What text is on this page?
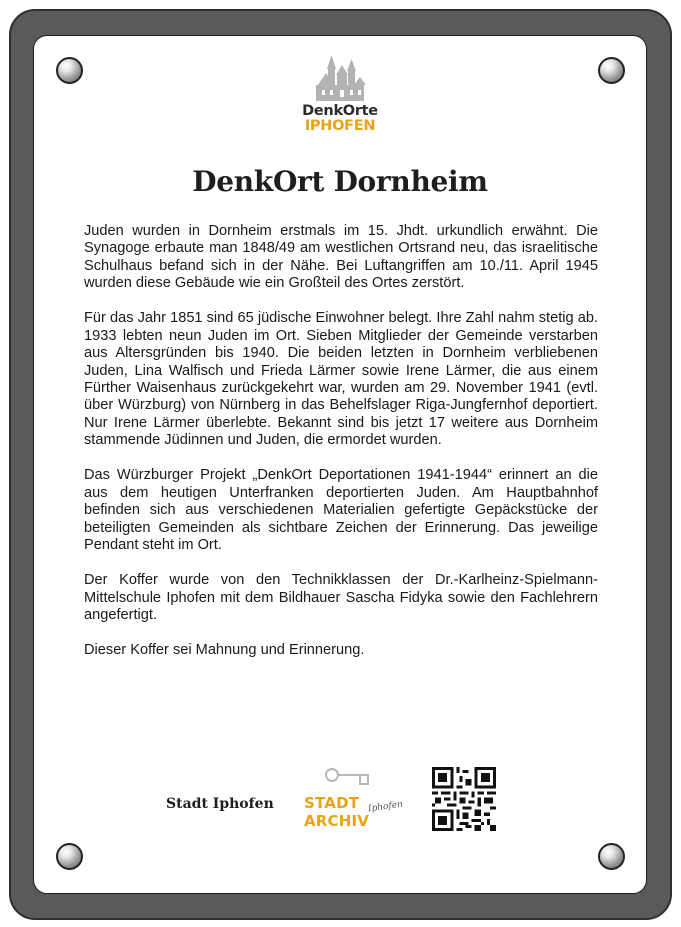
DenkOrte
IPHOFEN
DenkOrt Dornheim

Juden wurden in Dornheim erstmals im 15. Jhdt. urkundlich erwähnt. Die Synagoge erbaute man 1848/49 am westlichen Ortsrand neu, das israelitische Schulhaus befand sich in der Nähe. Bei Luftangriffen am 10./11. April 1945 wurden diese Gebäude wie ein Großteil des Ortes zerstört.

Für das Jahr 1851 sind 65 jüdische Einwohner belegt. Ihre Zahl nahm stetig ab. 1933 lebten neun Juden im Ort. Sieben Mitglieder der Gemeinde verstarben aus Altersgründen bis 1940. Die beiden letzten in Dornheim verbliebenen Juden, Lina Walfisch und Frieda Lärmer sowie Irene Lärmer, die aus einem Fürther Waisenhaus zurückgekehrt war, wurden am 29. November 1941 (evtl. über Würzburg) von Nürnberg in das Behelfslager Riga-Jungfernhof deportiert. Nur Irene Lärmer überlebte. Bekannt sind bis jetzt 17 weitere aus Dornheim stammende Jüdinnen und Juden, die ermordet wurden.

Das Würzburger Projekt „DenkOrt Deportationen 1941-1944“ erinnert an die aus dem heutigen Unterfranken deportierten Juden. Am Hauptbahnhof befinden sich aus verschiedenen Materialien gefertigte Gepäckstücke der beteiligten Gemeinden als sichtbare Zeichen der Erinnerung. Das jeweilige Pendant steht im Ort.

Der Koffer wurde von den Technikklassen der Dr.-Karlheinz-Spielmann-Mittelschule Iphofen mit dem Bildhauer Sascha Fidyka sowie den Fachlehrern angefertigt.

Dieser Koffer sei Mahnung und Erinnerung.

Stadt Iphofen STADT
ARCHIV
Iphofen
